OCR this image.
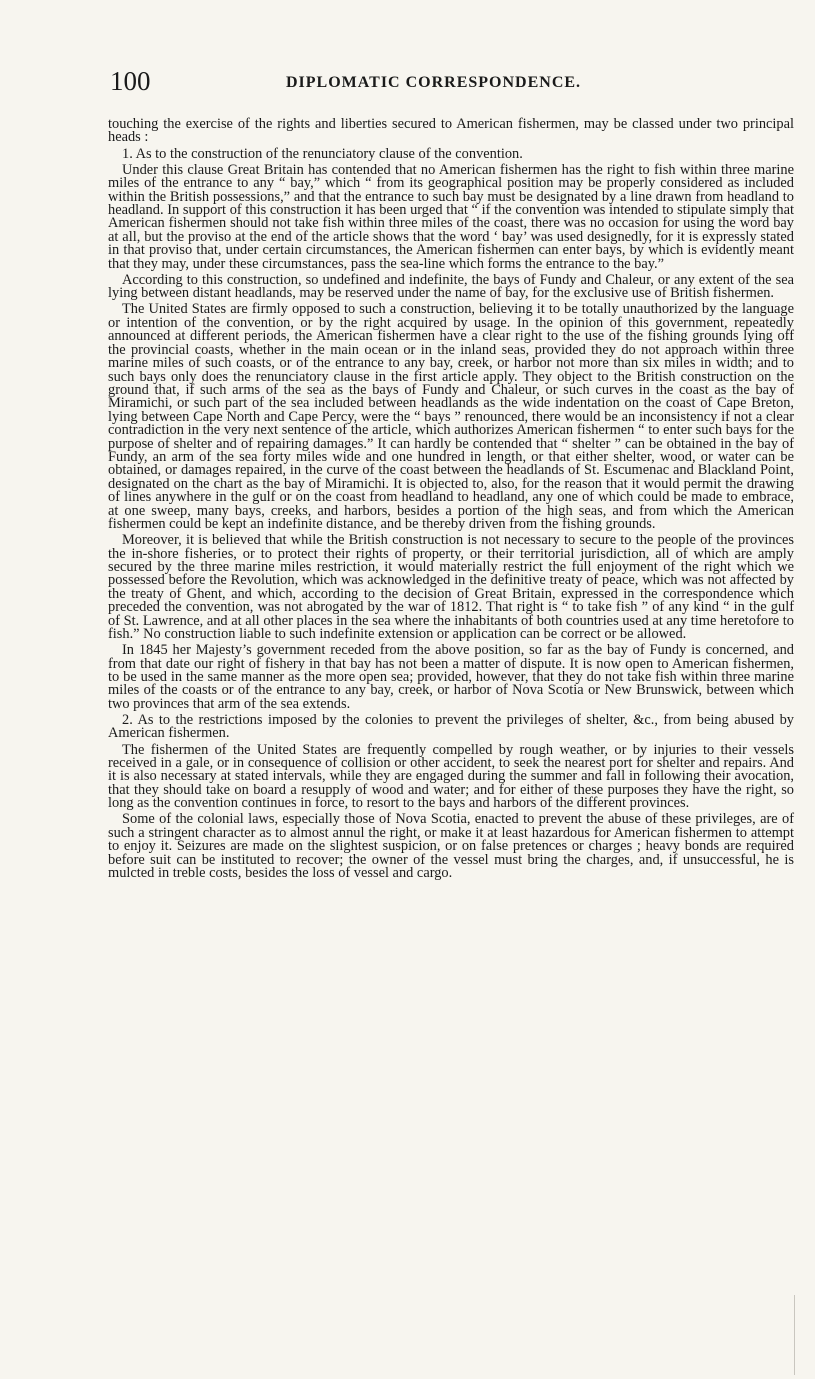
100	DIPLOMATIC CORRESPONDENCE.

touching the exercise of the rights and liberties secured to American fishermen, may be classed under two principal heads :

1. As to the construction of the renunciatory clause of the convention.

Under this clause Great Britain has contended that no American fishermen has the right to fish within three marine miles of the entrance to any “ bay,” which “ from its geographical position may be properly considered as included within the British possessions,” and that the entrance to such bay must be designated by a line drawn from headland to headland. In support of this construction it has been urged that “ if the convention was intended to stipulate simply that American fishermen should not take fish within three miles of the coast, there was no occasion for using the word bay at all, but the proviso at the end of the article shows that the word ‘ bay’ was used designedly, for it is expressly stated in that proviso that, under certain circumstances, the American fishermen can enter bays, by which is evidently meant that they may, under these circumstances, pass the sea-line which forms the entrance to the bay.”

According to this construction, so undefined and indefinite, the bays of Fundy and Chaleur, or any extent of the sea lying between distant headlands, may be reserved under the name of bay, for the exclusive use of British fishermen.

The United States are firmly opposed to such a construction, believing it to be totally unauthorized by the language or intention of the convention, or by the right acquired by usage. In the opinion of this government, repeatedly announced at different periods, the American fishermen have a clear right to the use of the fishing grounds lying off the provincial coasts, whether in the main ocean or in the inland seas, provided they do not approach within three marine miles of such coasts, or of the entrance to any bay, creek, or harbor not more than six miles in width; and to such bays only does the renunciatory clause in the first article apply. They object to the British construction on the ground that, if such arms of the sea as the bays of Fundy and Chaleur, or such curves in the coast as the bay of Miramichi, or such part of the sea included between headlands as the wide indentation on the coast of Cape Breton, lying between Cape North and Cape Percy, were the “ bays ” renounced, there would be an inconsistency if not a clear contradiction in the very next sentence of the article, which authorizes American fishermen “ to enter such bays for the purpose of shelter and of repairing damages.” It can hardly be contended that “ shelter ” can be obtained in the bay of Fundy, an arm of the sea forty miles wide and one hundred in length, or that either shelter, wood, or water can be obtained, or damages repaired, in the curve of the coast between the headlands of St. Escumenac and Blackland Point, designated on the chart as the bay of Miramichi. It is objected to, also, for the reason that it would permit the drawing of lines anywhere in the gulf or on the coast from headland to headland, any one of which could be made to embrace, at one sweep, many bays, creeks, and harbors, besides a portion of the high seas, and from which the American fishermen could be kept an indefinite distance, and be thereby driven from the fishing grounds.

Moreover, it is believed that while the British construction is not necessary to secure to the people of the provinces the in-shore fisheries, or to protect their rights of property, or their territorial jurisdiction, all of which are amply secured by the three marine miles restriction, it would materially restrict the full enjoyment of the right which we possessed before the Revolution, which was acknowledged in the definitive treaty of peace, which was not affected by the treaty of Ghent, and which, according to the decision of Great Britain, expressed in the correspondence which preceded the convention, was not abrogated by the war of 1812. That right is “ to take fish ” of any kind “ in the gulf of St. Lawrence, and at all other places in the sea where the inhabitants of both countries used at any time heretofore to fish.” No construction liable to such indefinite extension or application can be correct or be allowed.

In 1845 her Majesty’s government receded from the above position, so far as the bay of Fundy is concerned, and from that date our right of fishery in that bay has not been a matter of dispute. It is now open to American fishermen, to be used in the same manner as the more open sea; provided, however, that they do not take fish within three marine miles of the coasts or of the entrance to any bay, creek, or harbor of Nova Scotia or New Brunswick, between which two provinces that arm of the sea extends.

2. As to the restrictions imposed by the colonies to prevent the privileges of shelter, &c., from being abused by American fishermen.

The fishermen of the United States are frequently compelled by rough weather, or by injuries to their vessels received in a gale, or in consequence of collision or other accident, to seek the nearest port for shelter and repairs. And it is also necessary at stated intervals, while they are engaged during the summer and fall in following their avocation, that they should take on board a resupply of wood and water; and for either of these purposes they have the right, so long as the convention continues in force, to resort to the bays and harbors of the different provinces.

Some of the colonial laws, especially those of Nova Scotia, enacted to prevent the abuse of these privileges, are of such a stringent character as to almost annul the right, or make it at least hazardous for American fishermen to attempt to enjoy it. Seizures are made on the slightest suspicion, or on false pretences or charges ; heavy bonds are required before suit can be instituted to recover; the owner of the vessel must bring the charges, and, if unsuccessful, he is mulcted in treble costs, besides the loss of vessel and cargo.
